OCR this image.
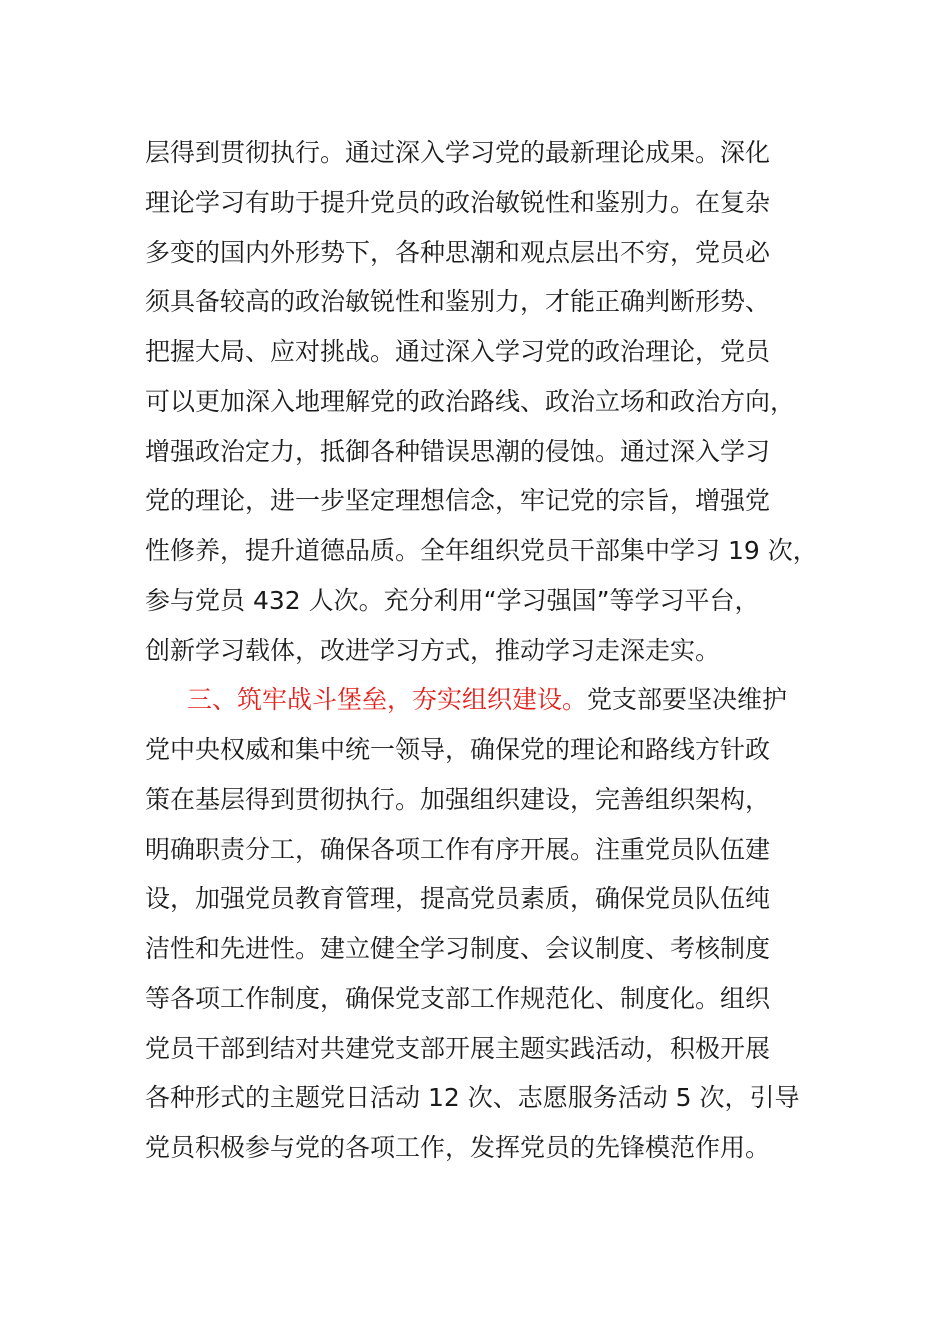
层得到贯彻执行。通过深入学习党的最新理论成果。深化
理论学习有助于提升党员的政治敏锐性和鉴别力。在复杂
多变的国内外形势下，各种思潮和观点层出不穷，党员必
须具备较高的政治敏锐性和鉴别力，才能正确判断形势、
把握大局、应对挑战。通过深入学习党的政治理论，党员
可以更加深入地理解党的政治路线、政治立场和政治方向，
增强政治定力，抵御各种错误思潮的侵蚀。通过深入学习
党的理论，进一步坚定理想信念，牢记党的宗旨，增强党
性修养，提升道德品质。全年组织党员干部集中学习 19 次，
参与党员 432 人次。充分利用“学习强国”等学习平台，
创新学习载体，改进学习方式，推动学习走深走实。
三、筑牢战斗堡垒，夯实组织建设。党支部要坚决维护
党中央权威和集中统一领导，确保党的理论和路线方针政
策在基层得到贯彻执行。加强组织建设，完善组织架构，
明确职责分工，确保各项工作有序开展。注重党员队伍建
设，加强党员教育管理，提高党员素质，确保党员队伍纯
洁性和先进性。建立健全学习制度、会议制度、考核制度
等各项工作制度，确保党支部工作规范化、制度化。组织
党员干部到结对共建党支部开展主题实践活动，积极开展
各种形式的主题党日活动 12 次、志愿服务活动 5 次，引导
党员积极参与党的各项工作，发挥党员的先锋模范作用。
